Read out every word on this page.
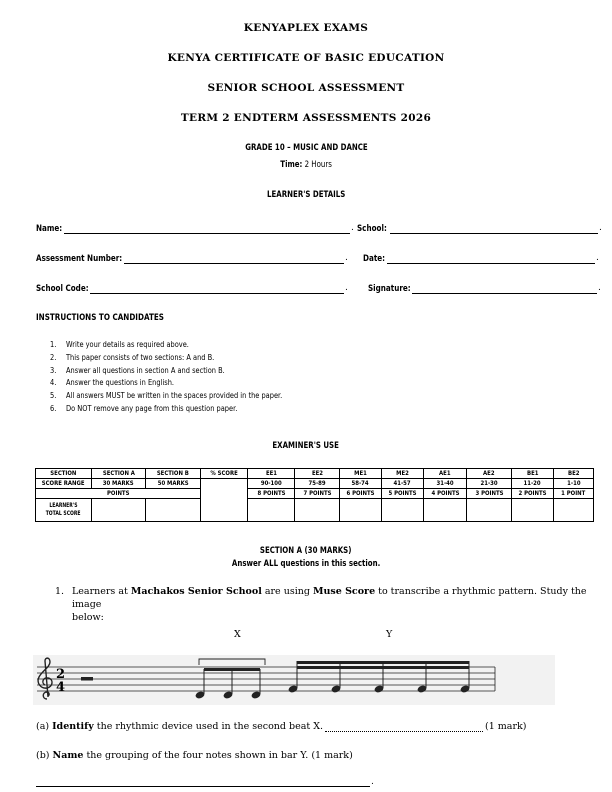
KENYAPLEX EXAMS
KENYA CERTIFICATE OF BASIC EDUCATION
SENIOR SCHOOL ASSESSMENT
TERM 2 ENDTERM ASSESSMENTS 2026
GRADE 10 – MUSIC AND DANCE
Time: 2 Hours
LEARNER'S DETAILS
Name:	. School:	.
Assessment Number:	. Date:	.
School Code:	. Signature:	.
INSTRUCTIONS TO CANDIDATES
1.	Write your details as required above.
2.	This paper consists of two sections: A and B.
3.	Answer all questions in section A and section B.
4.	Answer the questions in English.
5.	All answers MUST be written in the spaces provided in the paper.
6.	Do NOT remove any page from this question paper.
EXAMINER'S USE
SECTION	SECTION A	SECTION B	% SCORE	EE1	EE2	ME1	ME2	AE1	AE2	BE1	BE2
SCORE RANGE	30 MARKS	50 MARKS		90-100	75-89	58-74	41-57	31-40	21-30	11-20	1-10
POINTS				8 POINTS	7 POINTS	6 POINTS	5 POINTS	4 POINTS	3 POINTS	2 POINTS	1 POINT
LEARNER'S
TOTAL SCORE											
SECTION A (30 MARKS)
Answer ALL questions in this section.
1. Learners at Machakos Senior School are using Muse Score to transcribe a rhythmic pattern. Study the image
below:
X	Y
2
4
(a) Identify the rhythmic device used in the second beat X.	(1 mark)
(b) Name the grouping of the four notes shown in bar Y. (1 mark)
.
